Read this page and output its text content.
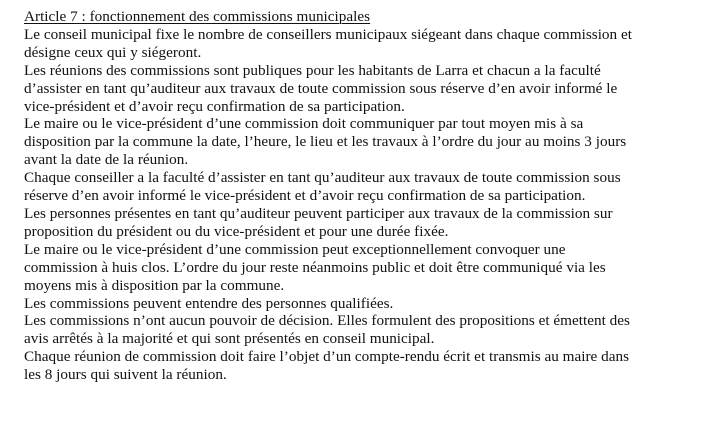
Article 7 : fonctionnement des commissions municipales
Le conseil municipal fixe le nombre de conseillers municipaux siégeant dans chaque commission et
désigne ceux qui y siégeront.
Les réunions des commissions sont publiques pour les habitants de Larra et chacun a la faculté
d’assister en tant qu’auditeur aux travaux de toute commission sous réserve d’en avoir informé le
vice-président et d’avoir reçu confirmation de sa participation.
Le maire ou le vice-président d’une commission doit communiquer par tout moyen mis à sa
disposition par la commune la date, l’heure, le lieu et les travaux à l’ordre du jour au moins 3 jours
avant la date de la réunion.
Chaque conseiller a la faculté d’assister en tant qu’auditeur aux travaux de toute commission sous
réserve d’en avoir informé le vice-président et d’avoir reçu confirmation de sa participation.
Les personnes présentes en tant qu’auditeur peuvent participer aux travaux de la commission sur
proposition du président ou du vice-président et pour une durée fixée.
Le maire ou le vice-président d’une commission peut exceptionnellement convoquer une
commission à huis clos. L’ordre du jour reste néanmoins public et doit être communiqué via les
moyens mis à disposition par la commune.
Les commissions peuvent entendre des personnes qualifiées.
Les commissions n’ont aucun pouvoir de décision. Elles formulent des propositions et émettent des
avis arrêtés à la majorité et qui sont présentés en conseil municipal.
Chaque réunion de commission doit faire l’objet d’un compte-rendu écrit et transmis au maire dans
les 8 jours qui suivent la réunion.
